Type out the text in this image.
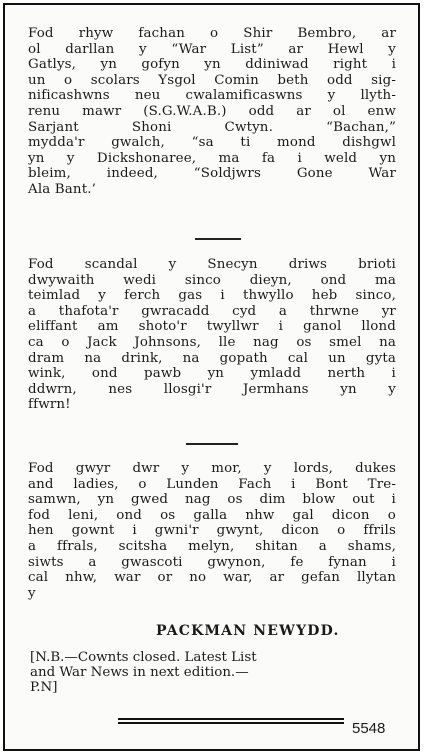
Fod rhyw fachan o Shir Bembro, ar
ol darllan y “War List” ar Hewl y
Gatlys, yn gofyn yn ddiniwad right i
un o scolars Ysgol Comin beth odd sig-
nificashwns neu cwalamificaswns y llyth-
renu mawr (S.G.W.A.B.) odd ar ol enw
Sarjant Shoni Cwtyn. “Bachan,”
mydda'r gwalch, “sa ti mond dishgwl
yn y Dickshonaree, ma fa i weld yn
bleim, indeed, “Soldjwrs Gone War
Ala Bant.’
Fod scandal y Snecyn driws brioti
dwywaith wedi sinco dieyn, ond ma
teimlad y ferch gas i thwyllo heb sinco,
a thafota'r gwracadd cyd a thrwne yr
eliffant am shoto'r twyllwr i ganol llond
ca o Jack Johnsons, lle nag os smel na
dram na drink, na gopath cal un gyta
wink, ond pawb yn ymladd nerth i
ddwrn, nes llosgi'r Jermhans yn y
ffwrn!
Fod gwyr dwr y mor, y lords, dukes
and ladies, o Lunden Fach i Bont Tre-
samwn, yn gwed nag os dim blow out i
fod leni, ond os galla nhw gal dicon o
hen gownt i gwni'r gwynt, dicon o ffrils
a ffrals, scitsha melyn, shitan a shams,
siwts a gwascoti gwynon, fe fynan i
cal nhw, war or no war, ar gefan llytan
y
PACKMAN NEWYDD.
[N.B.—Cownts closed. Latest List
and War News in next edition.—
P.N]
5548
